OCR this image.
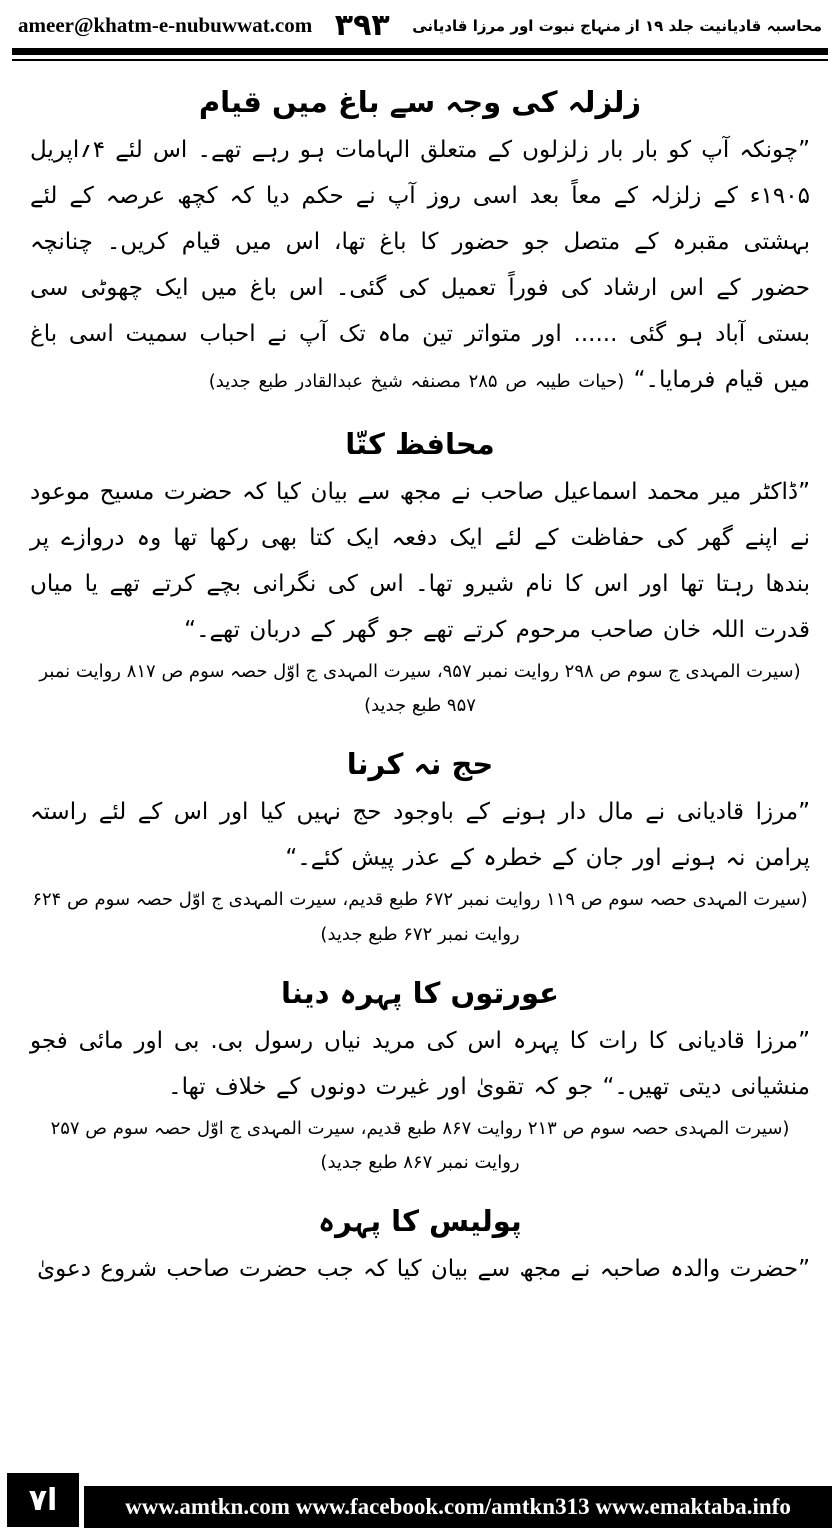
محاسبہ قادیانیت جلد ۱۹ از منہاج نبوت اور مرزا قادیانی
۳۹۳
ameer@khatm-e-nubuwwat.com
زلزلہ کی وجہ سے باغ میں قیام

”چونکہ آپ کو بار بار زلزلوں کے متعلق الہامات ہو رہے تھے۔ اس لئے ۴؍اپریل ۱۹۰۵ء کے زلزلہ کے معاً بعد اسی روز آپ نے حکم دیا کہ کچھ عرصہ کے لئے بہشتی مقبرہ کے متصل جو حضور کا باغ تھا، اس میں قیام کریں۔ چنانچہ حضور کے اس ارشاد کی فوراً تعمیل کی گئی۔ اس باغ میں ایک چھوٹی سی بستی آباد ہو گئی ...... اور متواتر تین ماہ تک آپ نے احباب سمیت اسی باغ میں قیام فرمایا۔“ (حیات طیبہ ص ۲۸۵ مصنفہ شیخ عبدالقادر طبع جدید)

محافظ کتّا

”ڈاکٹر میر محمد اسماعیل صاحب نے مجھ سے بیان کیا کہ حضرت مسیح موعود نے اپنے گھر کی حفاظت کے لئے ایک دفعہ ایک کتا بھی رکھا تھا وہ دروازے پر بندھا رہتا تھا اور اس کا نام شیرو تھا۔ اس کی نگرانی بچے کرتے تھے یا میاں قدرت اللہ خان صاحب مرحوم کرتے تھے جو گھر کے دربان تھے۔“

(سیرت المہدی ج سوم ص ۲۹۸ روایت نمبر ۹۵۷، سیرت المہدی ج اوّل حصہ سوم ص ۸۱۷ روایت نمبر ۹۵۷ طبع جدید)

حج نہ کرنا

”مرزا قادیانی نے مال دار ہونے کے باوجود حج نہیں کیا اور اس کے لئے راستہ پرامن نہ ہونے اور جان کے خطرہ کے عذر پیش کئے۔“

(سیرت المہدی حصہ سوم ص ۱۱۹ روایت نمبر ۶۷۲ طبع قدیم، سیرت المہدی ج اوّل حصہ سوم ص ۶۲۴ روایت نمبر ۶۷۲ طبع جدید)

عورتوں کا پہرہ دینا

”مرزا قادیانی کا رات کا پہرہ اس کی مرید نیاں رسول بی. بی اور مائی فجو منشیانی دیتی تھیں۔“ جو کہ تقویٰ اور غیرت دونوں کے خلاف تھا۔

(سیرت المہدی حصہ سوم ص ۲۱۳ روایت ۸۶۷ طبع قدیم، سیرت المہدی ج اوّل حصہ سوم ص ۲۵۷ روایت نمبر ۸۶۷ طبع جدید)

پولیس کا پہرہ

”حضرت والدہ صاحبہ نے مجھ سے بیان کیا کہ جب حضرت صاحب شروع دعویٰ

۷ا	www.amtkn.com www.facebook.com/amtkn313 www.emaktaba.info
